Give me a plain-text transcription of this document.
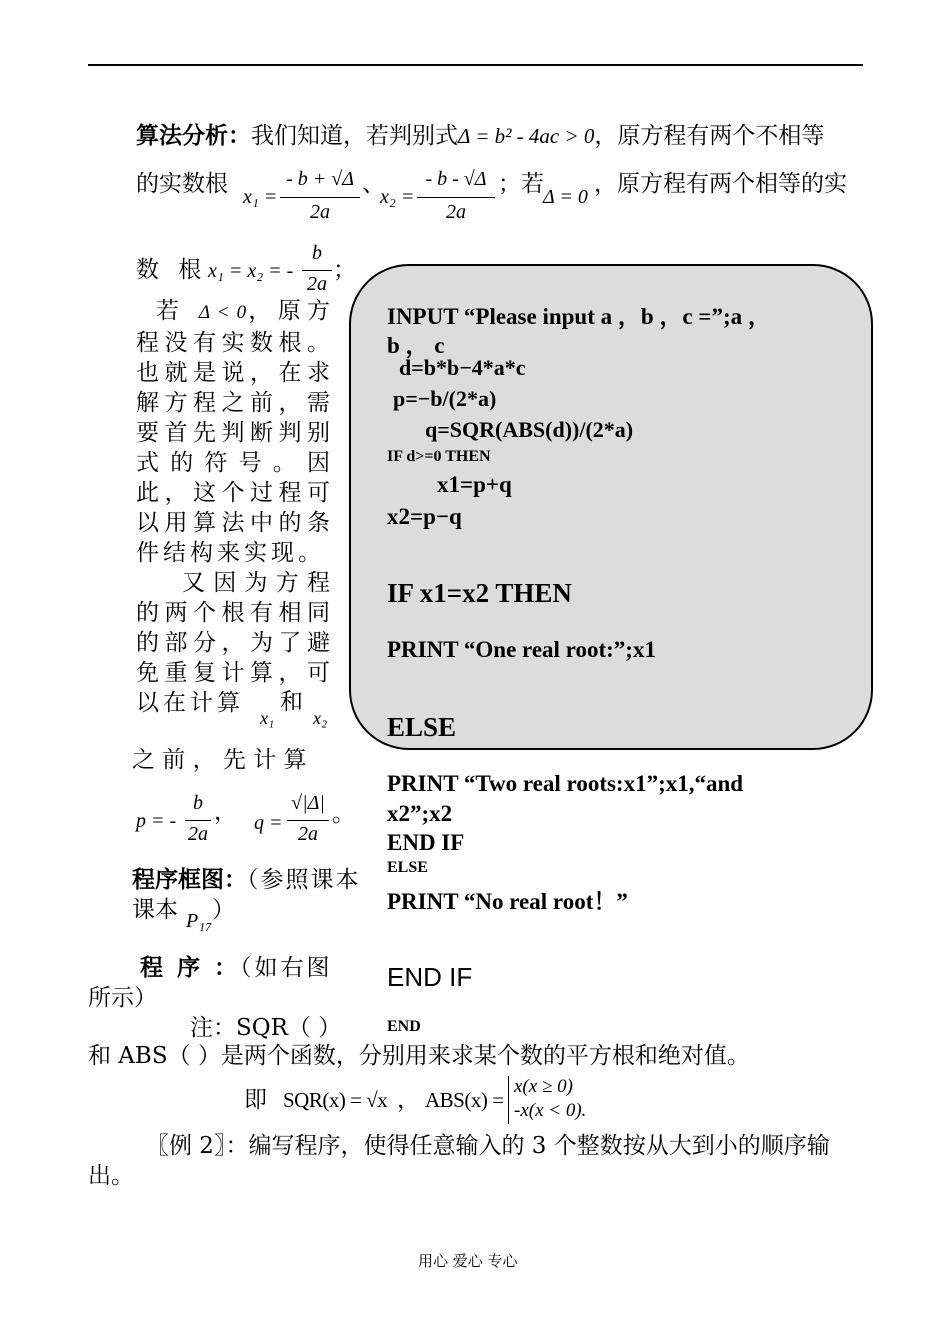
算法分析：我们知道，若判别式Δ = b² - 4ac > 0，原方程有两个不相等
的实数根 x₁ =
- b + √Δ
2a
、
x₂ =
- b - √Δ
2a
；若 Δ = 0 ，原方程有两个相等的实
数 根 x₁ = x₂ = -
b
2a
；

若 Δ < 0，原方程没有实数根。也就是说，在求解方程之前，需要首先判断判别式的符号。因此，这个过程可以用算法中的条件结构来实现。

又因为方程的两个根有相同的部分，为了避免重复计算，可以在计算

x₁
和
x₂
之 前 ， 先 计 算
p = -
b
2a
， q =
√|Δ|
2a
。
程序框图：（参照课本
课本 P₁₇ ）
程 序 ：（如右图
所示）
注：SQR（ ）
INPUT “Please input a ，b ，c =”;a ，
b ， c
d=b*b−4*a*c
p=−b/(2*a)
q=SQR(ABS(d))/(2*a)
IF d>=0 THEN
x1=p+q
x2=p−q
IF x1=x2 THEN
PRINT “One real root:”;x1
ELSE
PRINT “Two real roots:x1”;x1,“and
x2”;x2
END IF
ELSE
PRINT “No real root！”
END IF
END
和 ABS（ ）是两个函数，分别用来求某个数的平方根和绝对值。
即 SQR(x) = √x ， ABS(x) =
x(x ≥ 0)
-x(x < 0).
〖例 2〗：编写程序，使得任意输入的 3 个整数按从大到小的顺序输
出。
用心 爱心 专心
